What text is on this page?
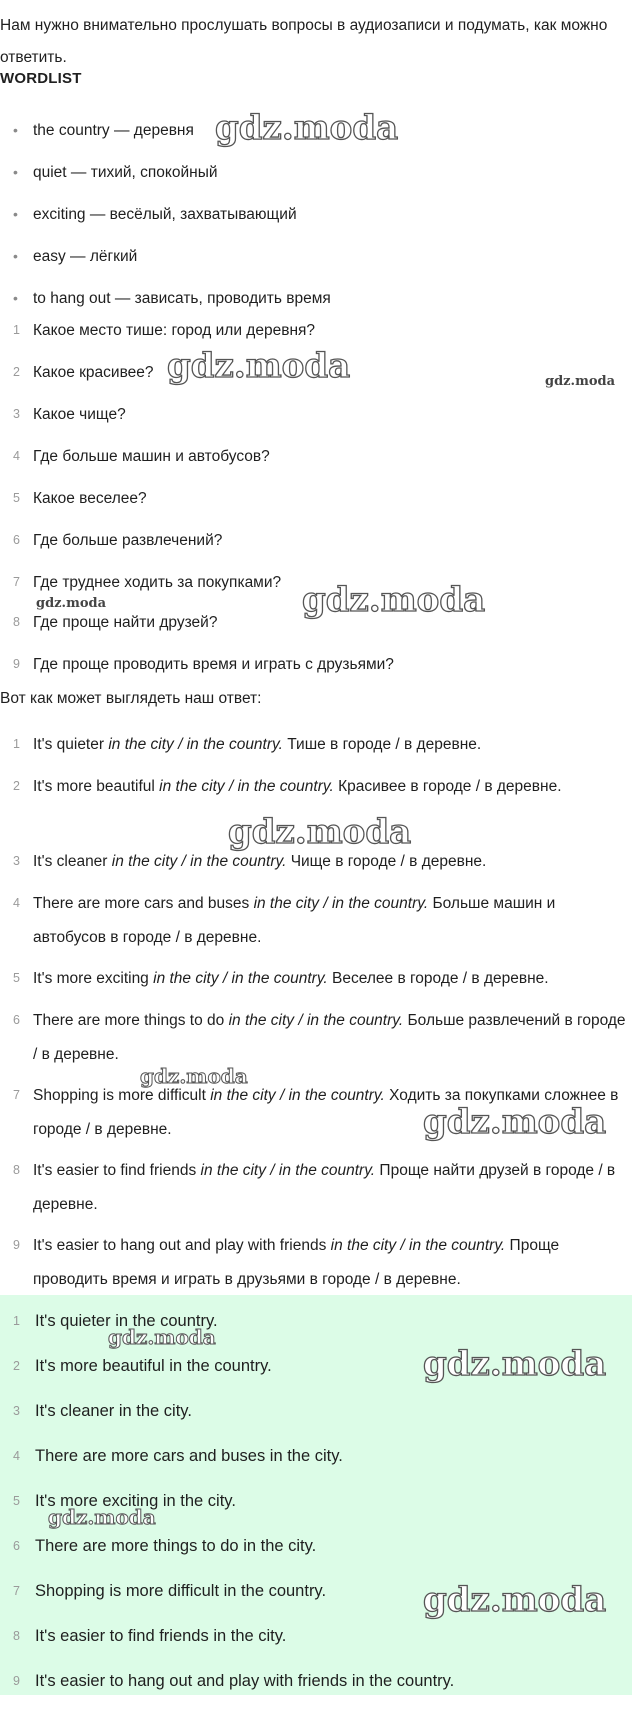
Нам нужно внимательно прослушать вопросы в аудиозаписи и подумать, как можно ответить.

WORDLIST

• the country — деревня
• quiet — тихий, спокойный
• exciting — весёлый, захватывающий
• easy — лёгкий
• to hang out — зависать, проводить время
1 Какое место тише: город или деревня?
2 Какое красивее?
3 Какое чище?
4 Где больше машин и автобусов?
5 Какое веселее?
6 Где больше развлечений?
7 Где труднее ходить за покупками?
8 Где проще найти друзей?
9 Где проще проводить время и играть с друзьями?

Вот как может выглядеть наш ответ:

1 It's quieter in the city / in the country. Тише в городе / в деревне.
2 It's more beautiful in the city / in the country. Красивее в городе / в деревне.
3 It's cleaner in the city / in the country. Чище в городе / в деревне.
4 There are more cars and buses in the city / in the country. Больше машин и автобусов в городе / в деревне.
5 It's more exciting in the city / in the country. Веселее в городе / в деревне.
6 There are more things to do in the city / in the country. Больше развлечений в городе / в деревне.
7 Shopping is more difficult in the city / in the country. Ходить за покупками сложнее в городе / в деревне.
8 It's easier to find friends in the city / in the country. Проще найти друзей в городе / в деревне.
9 It's easier to hang out and play with friends in the city / in the country. Проще проводить время и играть в друзьями в городе / в деревне.
1 It's quieter in the country.
2 It's more beautiful in the country.
3 It's cleaner in the city.
4 There are more cars and buses in the city.
5 It's more exciting in the city.
6 There are more things to do in the city.
7 Shopping is more difficult in the country.
8 It's easier to find friends in the city.
9 It's easier to hang out and play with friends in the country.
gdz.moda
gdz.moda	gdz.moda
gdz.moda	gdz.moda
gdz.moda
gdz.moda
gdz.moda
gdz.moda
gdz.moda
gdz.moda
gdz.moda
